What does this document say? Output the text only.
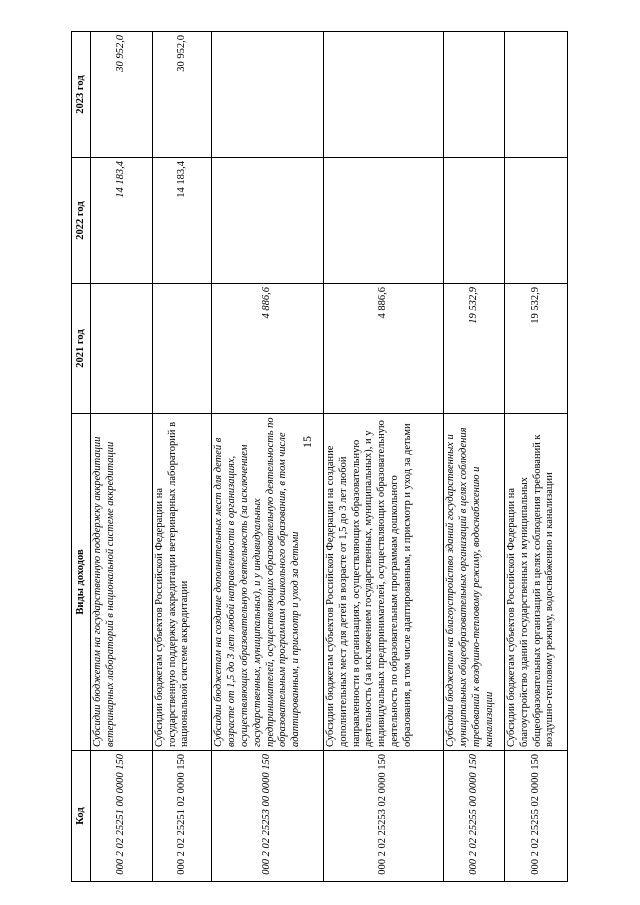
15
Код	Виды доходов	2021 год	2022 год	2023 год
000 2 02 25251 00 0000 150	Субсидии бюджетам на государственную поддержку аккредитации ветеринарных лабораторий в национальной системе аккредитации		14 183,4	30 952,0
000 2 02 25251 02 0000 150	Субсидии бюджетам субъектов Российской Федерации на государственную поддержку аккредитации ветеринарных лабораторий в национальной системе аккредитации		14 183,4	30 952,0
000 2 02 25253 00 0000 150	Субсидии бюджетам на создание дополнительных мест для детей в возрасте от 1,5 до 3 лет любой направленности в организациях, осуществляющих образовательную деятельность (за исключением государственных, муниципальных), и у индивидуальных предпринимателей, осуществляющих образовательную деятельность по образовательным программам дошкольного образования, в том числе адаптированным, и присмотр и уход за детьми	4 886,6		
000 2 02 25253 02 0000 150	Субсидии бюджетам субъектов Российской Федерации на создание дополнительных мест для детей в возрасте от 1,5 до 3 лет любой направленности в организациях, осуществляющих образовательную деятельность (за исключением государственных, муниципальных), и у индивидуальных предпринимателей, осуществляющих образовательную деятельность по образовательным программам дошкольного образования, в том числе адаптированным, и присмотр и уход за детьми	4 886,6		
000 2 02 25255 00 0000 150	Субсидии бюджетам на благоустройство зданий государственных и муниципальных общеобразовательных организаций в целях соблюдения требований к воздушно-тепловому режиму, водоснабжению и канализации	19 532,9		
000 2 02 25255 02 0000 150	Субсидии бюджетам субъектов Российской Федерации на благоустройство зданий государственных и муниципальных общеобразовательных организаций в целях соблюдения требований к воздушно-тепловому режиму, водоснабжению и канализации	19 532,9		
